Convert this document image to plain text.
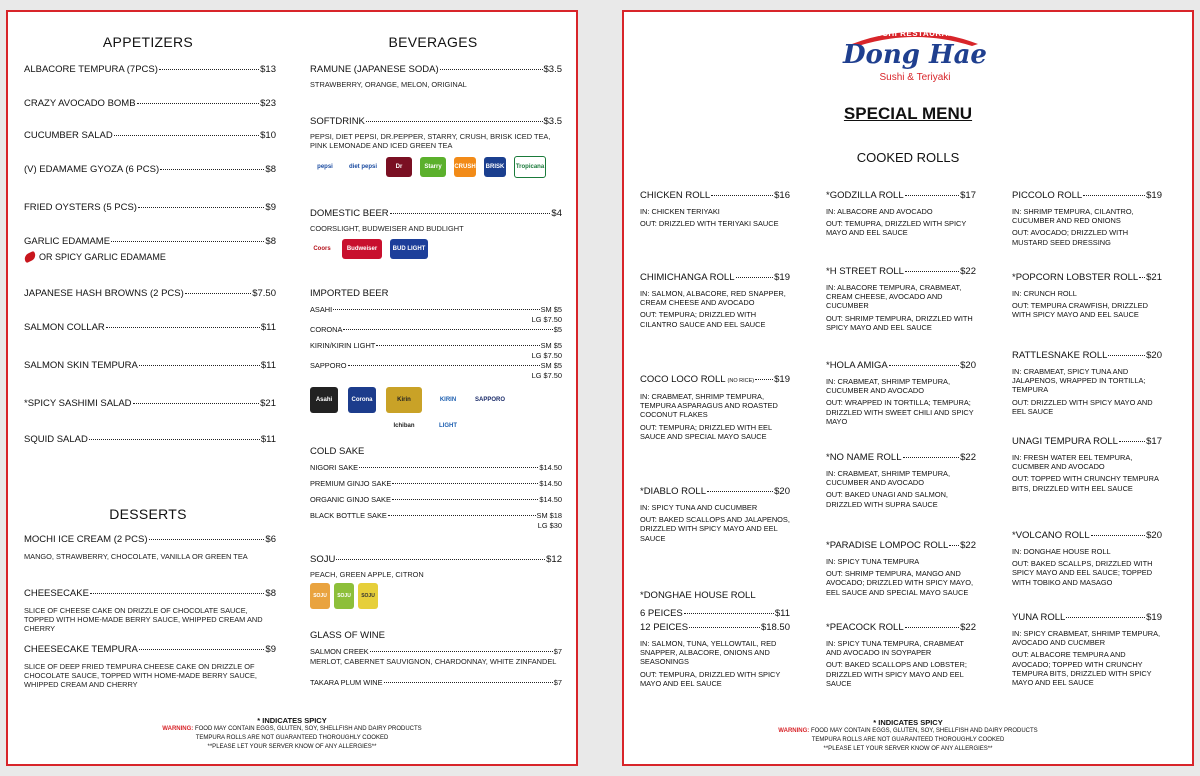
APPETIZERS
ALBACORE TEMPURA (7PCS)	$13
CRAZY AVOCADO BOMB	$23
CUCUMBER SALAD	$10
(V) EDAMAME GYOZA (6 PCS)	$8
FRIED OYSTERS (5 PCS)	$9
GARLIC EDAMAME	$8
OR SPICY GARLIC EDAMAME
JAPANESE HASH BROWNS (2 PCS)	$7.50
SALMON COLLAR	$11
SALMON SKIN TEMPURA	$11
*SPICY SASHIMI SALAD	$21
SQUID SALAD	$11
DESSERTS
MOCHI ICE CREAM (2 PCS)	$6
MANGO, STRAWBERRY, CHOCOLATE, VANILLA OR GREEN TEA
CHEESECAKE	$8
SLICE OF CHEESE CAKE ON DRIZZLE OF CHOCOLATE SAUCE, TOPPED WITH HOME-MADE BERRY SAUCE, WHIPPED CREAM AND CHERRY
CHEESECAKE TEMPURA	$9
SLICE OF DEEP FRIED TEMPURA CHEESE CAKE ON DRIZZLE OF CHOCOLATE SAUCE, TOPPED WITH HOME-MADE BERRY SAUCE, WHIPPED CREAM AND CHERRY
BEVERAGES
RAMUNE (JAPANESE SODA)	$3.5
STRAWBERRY, ORANGE, MELON, ORIGINAL
SOFTDRINK	$3.5
PEPSI, DIET PEPSI, DR.PEPPER, STARRY, CRUSH, BRISK ICED TEA, PINK LEMONADE AND ICED GREEN TEA
pepsi	diet pepsi	Dr Pepper
Starry	CRUSH BRISK	Tropicana
DOMESTIC BEER	$4
COORSLIGHT, BUDWEISER AND BUDLIGHT
Coors	Budweiser	BUD LIGHT
IMPORTED BEER
ASAHI	SM $5
LG $7.50
CORONA	$5
KIRIN/KIRIN LIGHT	SM $5
LG $7.50
SAPPORO	SM $5
LG $7.50
Asahi	Corona	Kirin Ichiban
KIRIN LIGHT
SAPPORO
COLD SAKE
NIGORI SAKE	$14.50
PREMIUM GINJO SAKE	$14.50
ORGANIC GINJO SAKE	$14.50
BLACK BOTTLE SAKE	SM $18
LG $30
SOJU	$12
PEACH, GREEN APPLE, CITRON
SOJU	SOJU	SOJU
GLASS OF WINE
SALMON CREEK	$7
MERLOT, CABERNET SAUVIGNON, CHARDONNAY, WHITE ZINFANDEL
TAKARA PLUM WINE	$7
* INDICATES SPICY
WARNING: FOOD MAY CONTAIN EGGS, GLUTEN, SOY, SHELLFISH AND DAIRY PRODUCTS
TEMPURA ROLLS ARE NOT GUARANTEED THOROUGHLY COOKED
**PLEASE LET YOUR SERVER KNOW OF ANY ALLERGIES**
SUSHI RESTAURANT
Dong Hae
Sushi & Teriyaki
SPECIAL MENU
COOKED ROLLS
CHICKEN ROLL	$16
IN: CHICKEN TERIYAKI
OUT: DRIZZLED WITH TERIYAKI SAUCE
CHIMICHANGA ROLL	$19
IN: SALMON, ALBACORE, RED SNAPPER, CREAM CHEESE AND AVOCADO
OUT: TEMPURA; DRIZZLED WITH CILANTRO SAUCE AND EEL SAUCE
COCO LOCO ROLL (NO RICE) $19
IN: CRABMEAT, SHRIMP TEMPURA, TEMPURA ASPARAGUS AND ROASTED COCONUT FLAKES
OUT: TEMPURA; DRIZZLED WITH EEL SAUCE AND SPECIAL MAYO SAUCE
*DIABLO ROLL	$20
IN: SPICY TUNA AND CUCUMBER
OUT: BAKED SCALLOPS AND JALAPENOS, DRIZZLED WITH SPICY MAYO AND EEL SAUCE
*DONGHAE HOUSE ROLL
6 PEICES	$11
12 PEICES	$18.50
IN: SALMON, TUNA, YELLOWTAIL, RED SNAPPER, ALBACORE, ONIONS AND SEASONINGS
OUT: TEMPURA, DRIZZLED WITH SPICY MAYO AND EEL SAUCE
*GODZILLA ROLL	$17
IN: ALBACORE AND AVOCADO
OUT: TEMUPRA, DRIZZLED WITH SPICY MAYO AND EEL SAUCE
*H STREET ROLL	$22
IN: ALBACORE TEMPURA, CRABMEAT, CREAM CHEESE, AVOCADO AND CUCUMBER
OUT: SHRIMP TEMPURA, DRIZZLED WITH SPICY MAYO AND EEL SAUCE
*HOLA AMIGA	$20
IN: CRABMEAT, SHRIMP TEMPURA, CUCUMBER AND AVOCADO
OUT: WRAPPED IN TORTILLA; TEMPURA; DRIZZLED WITH SWEET CHILI AND SPICY MAYO
*NO NAME ROLL	$22
IN: CRABMEAT, SHRIMP TEMPURA, CUCUMBER AND AVOCADO
OUT: BAKED UNAGI AND SALMON, DRIZZLED WITH SUPRA SAUCE
*PARADISE LOMPOC ROLL $22
IN: SPICY TUNA TEMPURA
OUT: SHRIMP TEMPURA, MANGO AND AVOCADO; DRIZZLED WITH SPICY MAYO, EEL SAUCE AND SPECIAL MAYO SAUCE
*PEACOCK ROLL	$22
IN: SPICY TUNA TEMPURA, CRABMEAT AND AVOCADO IN SOYPAPER
OUT: BAKED SCALLOPS AND LOBSTER; DRIZZLED WITH SPICY MAYO AND EEL SAUCE
PICCOLO ROLL	$19
IN: SHRIMP TEMPURA, CILANTRO, CUCUMBER AND RED ONIONS
OUT: AVOCADO; DRIZZLED WITH MUSTARD SEED DRESSING
*POPCORN LOBSTER ROLL $21
IN: CRUNCH ROLL
OUT: TEMPURA CRAWFISH, DRIZZLED WITH SPICY MAYO AND EEL SAUCE
RATTLESNAKE ROLL	$20
IN: CRABMEAT, SPICY TUNA AND JALAPENOS, WRAPPED IN TORTILLA; TEMPURA
OUT: DRIZZLED WITH SPICY MAYO AND EEL SAUCE
UNAGI TEMPURA ROLL	$17
IN: FRESH WATER EEL TEMPURA, CUCMBER AND AVOCADO
OUT: TOPPED WITH CRUNCHY TEMPURA BITS, DRIZZLED WITH EEL SAUCE
*VOLCANO ROLL	$20
IN: DONGHAE HOUSE ROLL
OUT: BAKED SCALLPS, DRIZZLED WITH SPICY MAYO AND EEL SAUCE; TOPPED WITH TOBIKO AND MASAGO
YUNA ROLL	$19
IN: SPICY CRABMEAT, SHRIMP TEMPURA, AVOCADO AND CUCMBER
OUT: ALBACORE TEMPURA AND AVOCADO; TOPPED WITH CRUNCHY TEMPURA BITS, DRIZZLED WITH SPICY MAYO AND EEL SAUCE
* INDICATES SPICY
WARNING: FOOD MAY CONTAIN EGGS, GLUTEN, SOY, SHELLFISH AND DAIRY PRODUCTS
TEMPURA ROLLS ARE NOT GUARANTEED THOROUGHLY COOKED
**PLEASE LET YOUR SERVER KNOW OF ANY ALLERGIES**
